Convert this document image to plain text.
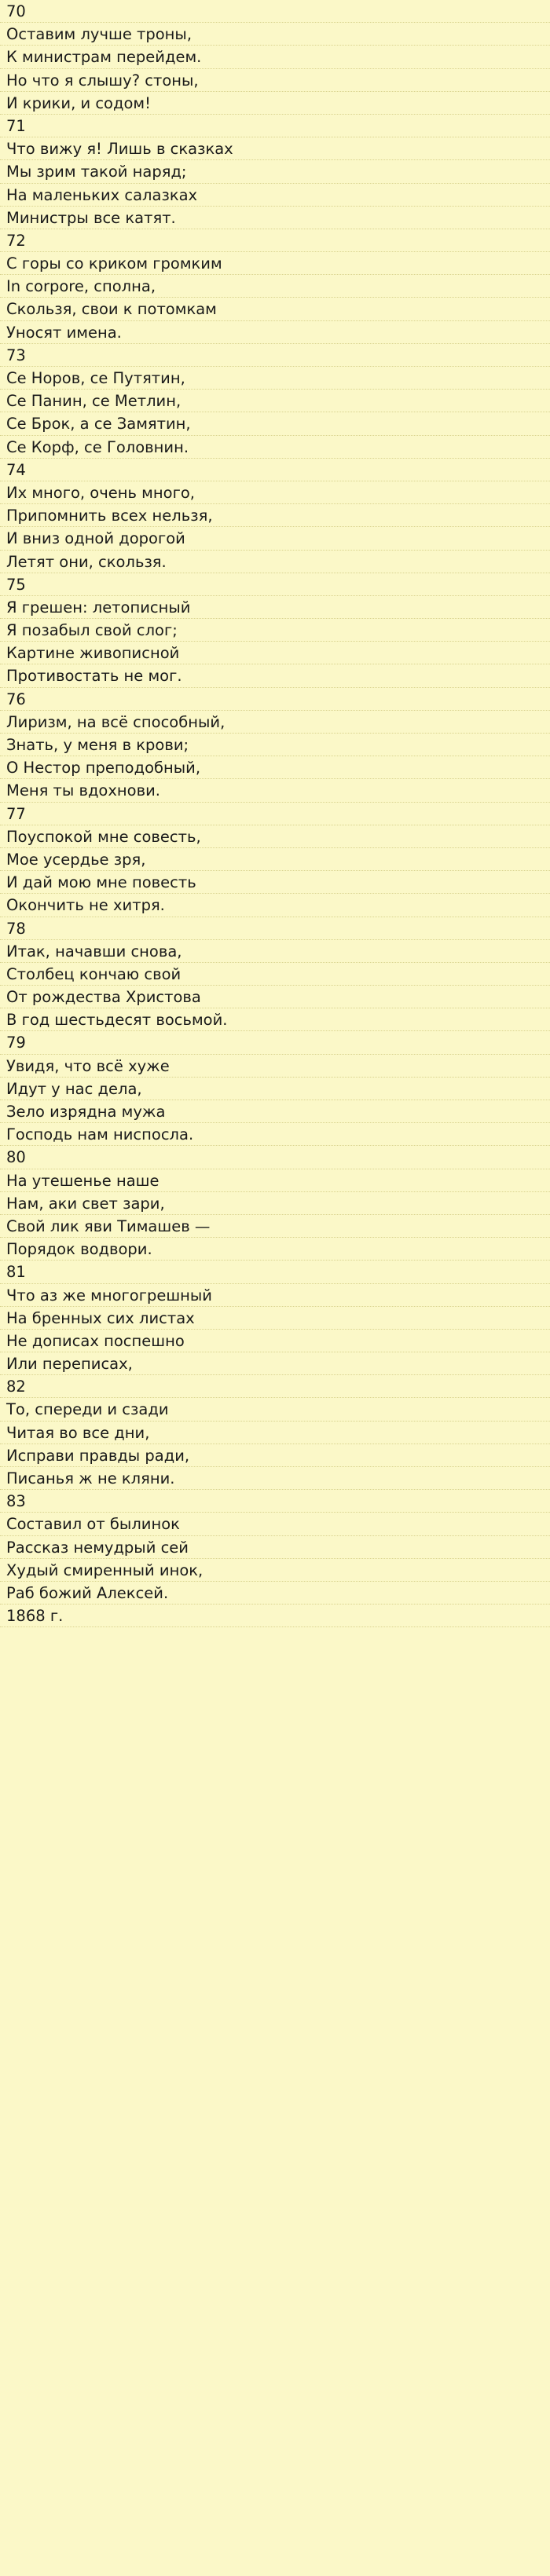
70
Оставим лучше троны,
К министрам перейдем.
Но что я слышу? стоны,
И крики, и содом!
71
Что вижу я! Лишь в сказках
Мы зрим такой наряд;
На маленьких салазках
Министры все катят.
72
С горы со криком громким
In corpore, сполна,
Скользя, свои к потомкам
Уносят имена.
73
Се Норов, се Путятин,
Се Панин, се Метлин,
Се Брок, а се Замятин,
Се Корф, се Головнин.
74
Их много, очень много,
Припомнить всех нельзя,
И вниз одной дорогой
Летят они, скользя.
75
Я грешен: летописный
Я позабыл свой слог;
Картине живописной
Противостать не мог.
76
Лиризм, на всё способный,
Знать, у меня в крови;
О Нестор преподобный,
Меня ты вдохнови.
77
Поуспокой мне совесть,
Мое усердье зря,
И дай мою мне повесть
Окончить не хитря.
78
Итак, начавши снова,
Столбец кончаю свой
От рождества Христова
В год шестьдесят восьмой.
79
Увидя, что всё хуже
Идут у нас дела,
Зело изрядна мужа
Господь нам ниспосла.
80
На утешенье наше
Нам, аки свет зари,
Свой лик яви Тимашев —
Порядок водвори.
81
Что аз же многогрешный
На бренных сих листах
Не дописах поспешно
Или переписах,
82
То, спереди и сзади
Читая во все дни,
Исправи правды ради,
Писанья ж не кляни.
83
Составил от былинок
Рассказ немудрый сей
Худый смиренный инок,
Раб божий Алексей.
1868 г.
